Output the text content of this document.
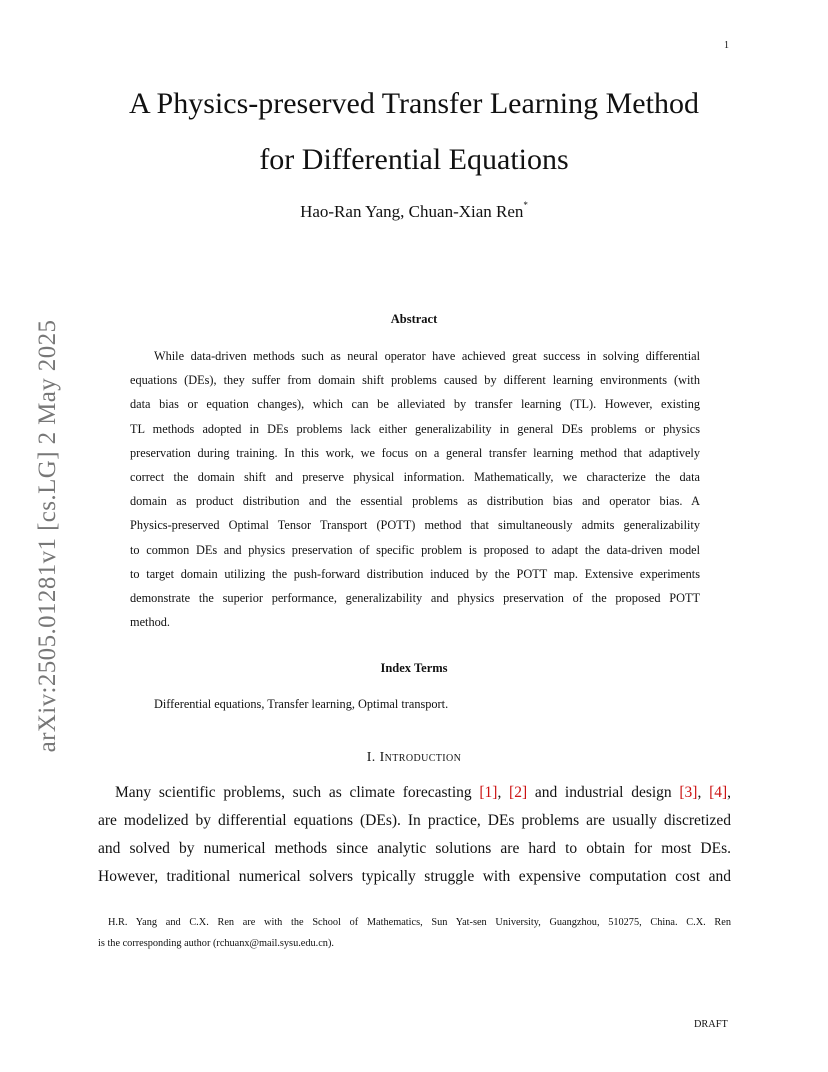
1
arXiv:2505.01281v1 [cs.LG] 2 May 2025
A Physics-preserved Transfer Learning Method
for Differential Equations
Hao-Ran Yang, Chuan-Xian Ren*
Abstract
While data-driven methods such as neural operator have achieved great success in solving differential
equations (DEs), they suffer from domain shift problems caused by different learning environments (with
data bias or equation changes), which can be alleviated by transfer learning (TL). However, existing
TL methods adopted in DEs problems lack either generalizability in general DEs problems or physics
preservation during training. In this work, we focus on a general transfer learning method that adaptively
correct the domain shift and preserve physical information. Mathematically, we characterize the data
domain as product distribution and the essential problems as distribution bias and operator bias. A
Physics-preserved Optimal Tensor Transport (POTT) method that simultaneously admits generalizability
to common DEs and physics preservation of specific problem is proposed to adapt the data-driven model
to target domain utilizing the push-forward distribution induced by the POTT map. Extensive experiments
demonstrate the superior performance, generalizability and physics preservation of the proposed POTT
method.
Index Terms
Differential equations, Transfer learning, Optimal transport.
I. Introduction
Many scientific problems, such as climate forecasting [1], [2] and industrial design [3], [4],
are modelized by differential equations (DEs). In practice, DEs problems are usually discretized
and solved by numerical methods since analytic solutions are hard to obtain for most DEs.
However, traditional numerical solvers typically struggle with expensive computation cost and
H.R. Yang and C.X. Ren are with the School of Mathematics, Sun Yat-sen University, Guangzhou, 510275, China. C.X. Ren
is the corresponding author (rchuanx@mail.sysu.edu.cn).
DRAFT
